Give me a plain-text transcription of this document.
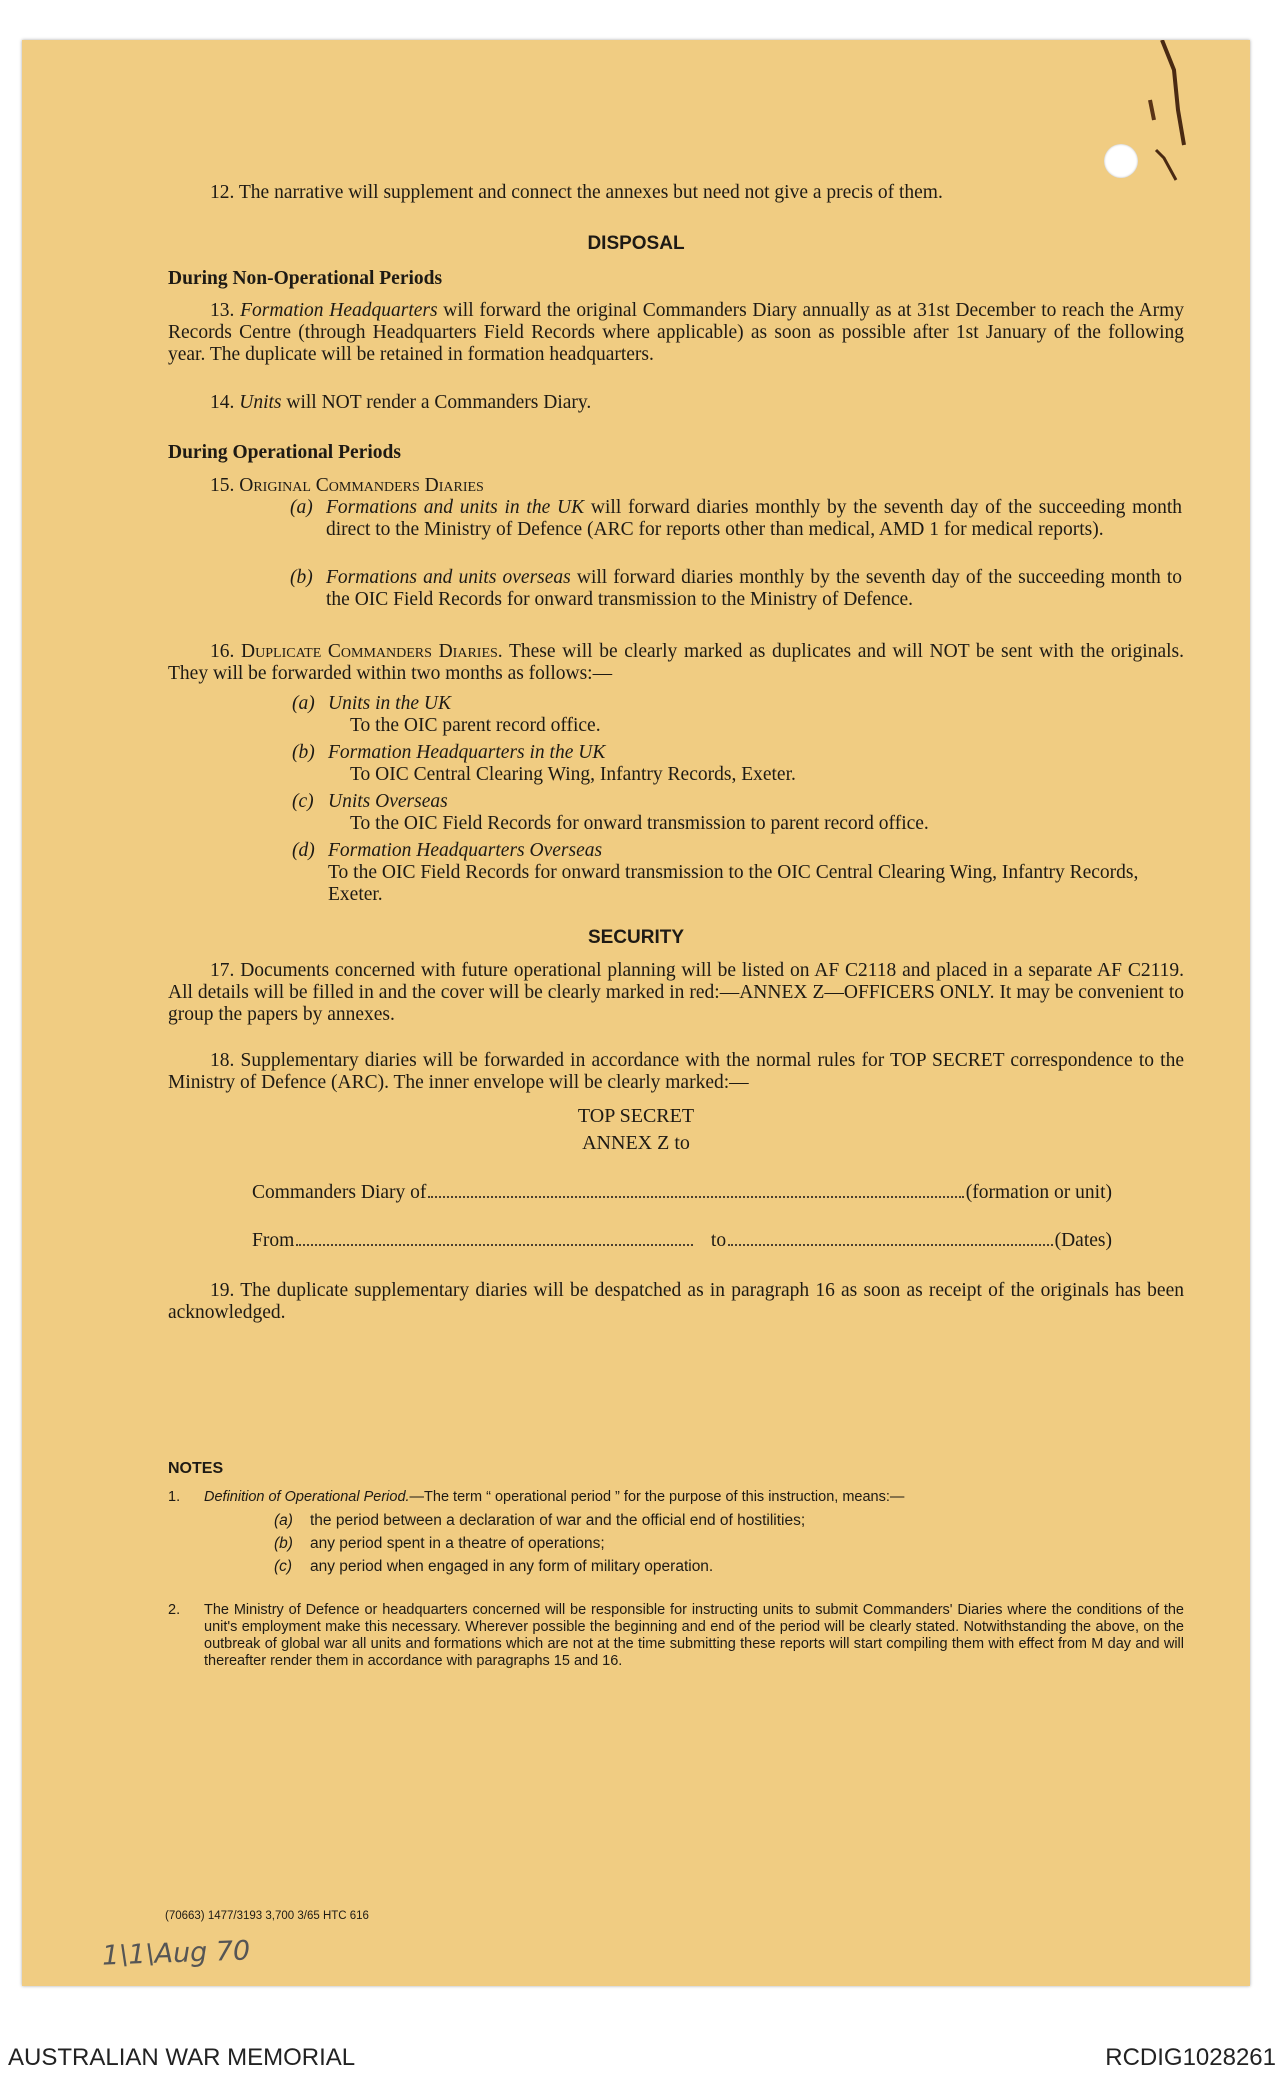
12. The narrative will supplement and connect the annexes but need not give a precis of them.
DISPOSAL
During Non-Operational Periods
13. Formation Headquarters will forward the original Commanders Diary annually as at 31st December to reach the Army Records Centre (through Headquarters Field Records where applicable) as soon as possible after 1st January of the following year. The duplicate will be retained in formation headquarters.
14. Units will NOT render a Commanders Diary.
During Operational Periods
15. Original Commanders Diaries
(a) Formations and units in the UK will forward diaries monthly by the seventh day of the succeeding month direct to the Ministry of Defence (ARC for reports other than medical, AMD 1 for medical reports).
(b) Formations and units overseas will forward diaries monthly by the seventh day of the succeeding month to the OIC Field Records for onward transmission to the Ministry of Defence.
16. Duplicate Commanders Diaries. These will be clearly marked as duplicates and will NOT be sent with the originals. They will be forwarded within two months as follows:—
(a) Units in the UK
To the OIC parent record office.
(b) Formation Headquarters in the UK
To OIC Central Clearing Wing, Infantry Records, Exeter.
(c) Units Overseas
To the OIC Field Records for onward transmission to parent record office.
(d) Formation Headquarters Overseas
To the OIC Field Records for onward transmission to the OIC Central Clearing Wing, Infantry Records, Exeter.
SECURITY
17. Documents concerned with future operational planning will be listed on AF C2118 and placed in a separate AF C2119. All details will be filled in and the cover will be clearly marked in red:—ANNEX Z—OFFICERS ONLY. It may be convenient to group the papers by annexes.
18. Supplementary diaries will be forwarded in accordance with the normal rules for TOP SECRET correspondence to the Ministry of Defence (ARC). The inner envelope will be clearly marked:—
TOP SECRET
ANNEX Z to
Commanders Diary of	(formation or unit)
From	to	(Dates)
19. The duplicate supplementary diaries will be despatched as in paragraph 16 as soon as receipt of the originals has been acknowledged.
NOTES
1. Definition of Operational Period.—The term “ operational period ” for the purpose of this instruction, means:—
(a) the period between a declaration of war and the official end of hostilities;
(b) any period spent in a theatre of operations;
(c) any period when engaged in any form of military operation.
2. The Ministry of Defence or headquarters concerned will be responsible for instructing units to submit Commanders' Diaries where the conditions of the unit's employment make this necessary. Wherever possible the beginning and end of the period will be clearly stated. Notwithstanding the above, on the outbreak of global war all units and formations which are not at the time submitting these reports will start compiling them with effect from M day and will thereafter render them in accordance with paragraphs 15 and 16.
(70663) 1477/3193 3,700 3/65 HTC 616
1\1\Aug 70
AUSTRALIAN WAR MEMORIAL	RCDIG1028261
